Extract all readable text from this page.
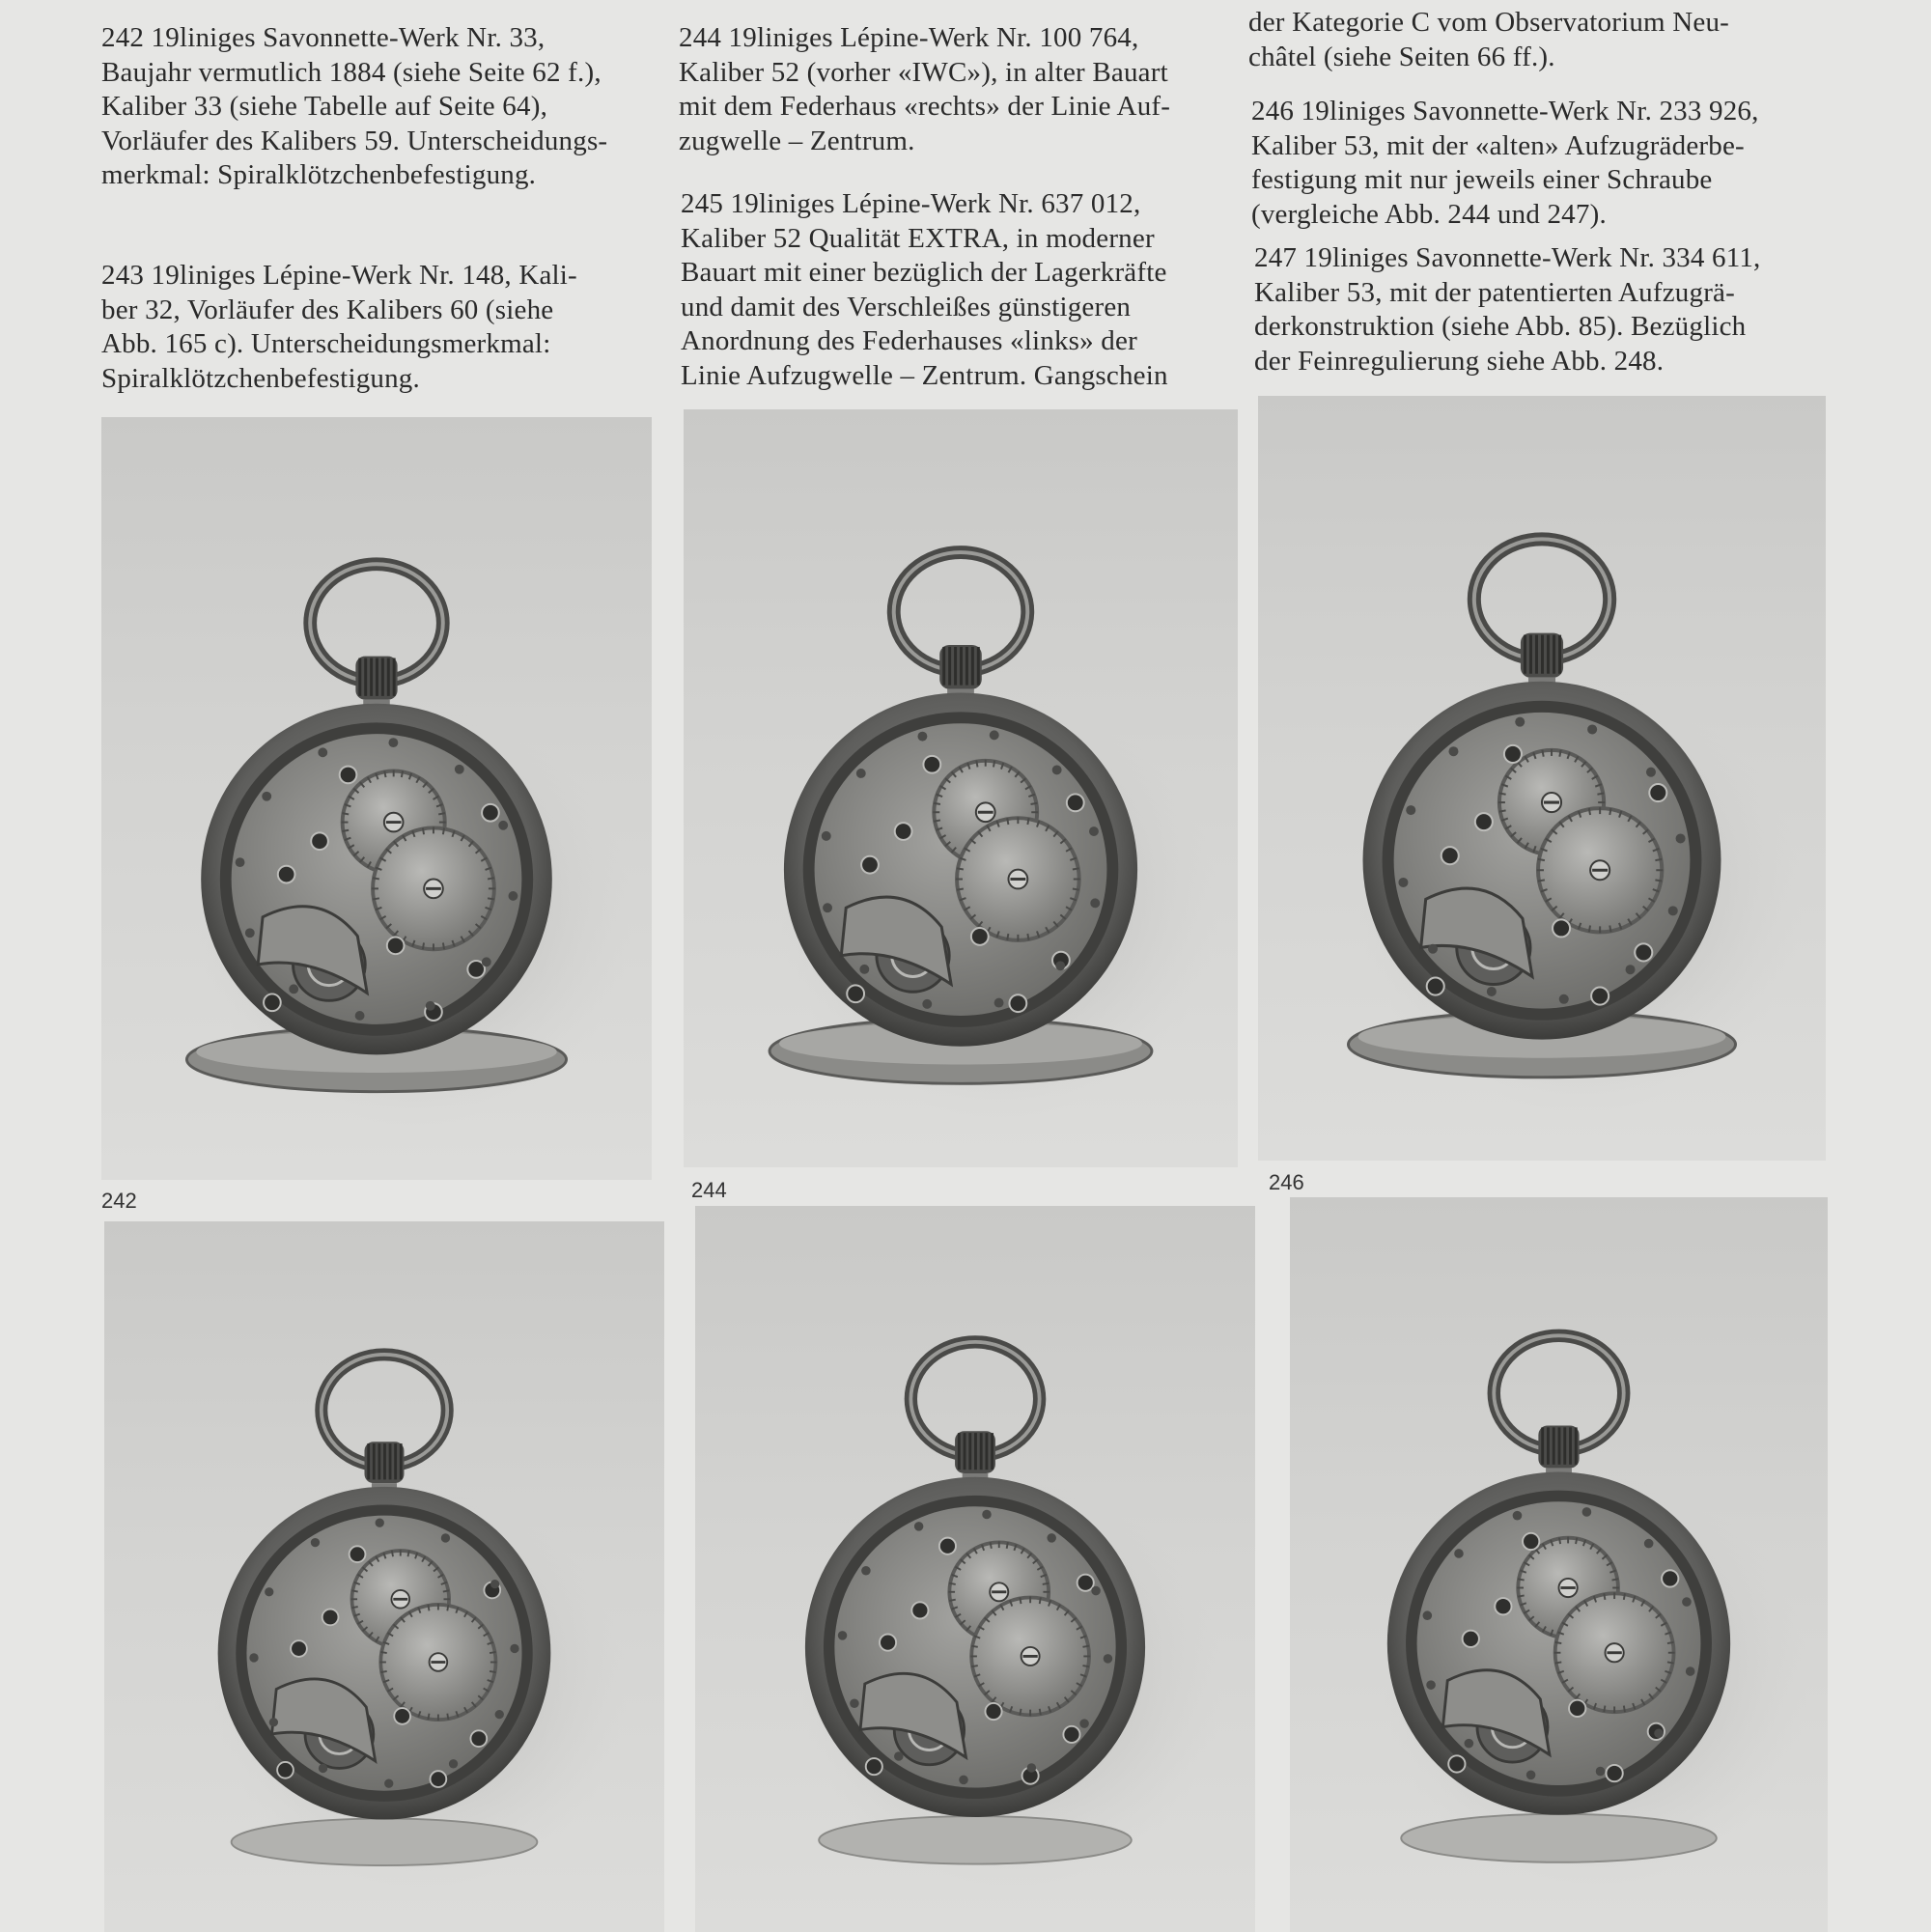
242 19liniges Savonnette-Werk Nr. 33,

Baujahr vermutlich 1884 (siehe Seite 62 f.),

Kaliber 33 (siehe Tabelle auf Seite 64),

Vorläufer des Kalibers 59. Unterscheidungs-

merkmal: Spiralklötzchenbefestigung.

243 19liniges Lépine-Werk Nr. 148, Kali-

ber 32, Vorläufer des Kalibers 60 (siehe

Abb. 165 c). Unterscheidungsmerkmal:

Spiralklötzchenbefestigung.

244 19liniges Lépine-Werk Nr. 100 764,

Kaliber 52 (vorher «IWC»), in alter Bauart

mit dem Federhaus «rechts» der Linie Auf-

zugwelle – Zentrum.

245 19liniges Lépine-Werk Nr. 637 012,

Kaliber 52 Qualität EXTRA, in moderner

Bauart mit einer bezüglich der Lagerkräfte

und damit des Verschleißes günstigeren

Anordnung des Federhauses «links» der

Linie Aufzugwelle – Zentrum. Gangschein

der Kategorie C vom Observatorium Neu-

châtel (siehe Seiten 66 ff.).

246 19liniges Savonnette-Werk Nr. 233 926,

Kaliber 53, mit der «alten» Aufzugräderbe-

festigung mit nur jeweils einer Schraube

(vergleiche Abb. 244 und 247).

247 19liniges Savonnette-Werk Nr. 334 611,

Kaliber 53, mit der patentierten Aufzugrä-

derkonstruktion (siehe Abb. 85). Bezüglich

der Feinregulierung siehe Abb. 248.

242	244	246
